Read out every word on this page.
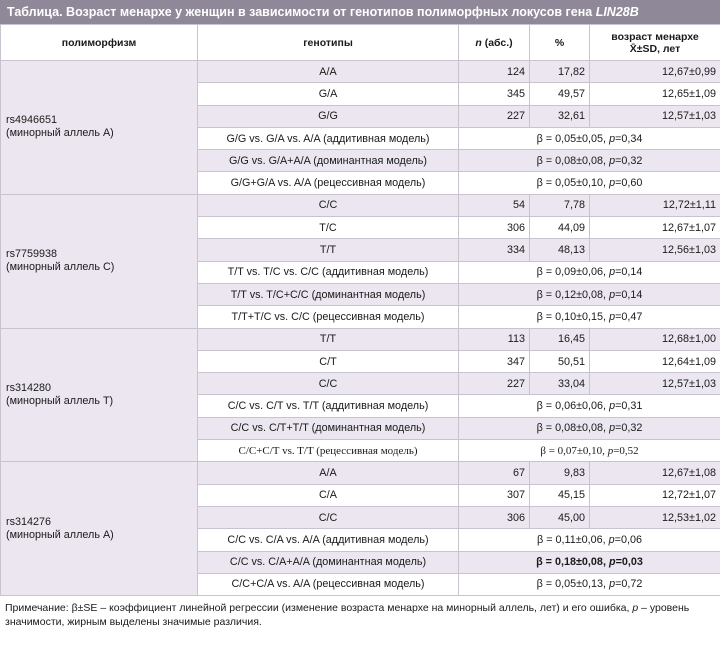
Таблица. Возраст менархе у женщин в зависимости от генотипов полиморфных локусов гена LIN28B
полиморфизм	генотипы	n (абс.)	%	возраст менархе
X̄±SD, лет

rs4946651
(минорный аллель А)	А/А	124	17,82	12,67±0,99
	G/A	345	49,57	12,65±1,09
	G/G	227	32,61	12,57±1,03
	G/G vs. G/A vs. A/A (аддитивная модель)	β = 0,05±0,05, p=0,34		
	G/G vs. G/A+A/A (доминантная модель)	β = 0,08±0,08, p=0,32		
	G/G+G/A vs. A/A (рецессивная модель)	β = 0,05±0,10, p=0,60		

rs7759938
(минорный аллель С)	C/C	54	7,78	12,72±1,11
	T/C	306	44,09	12,67±1,07
	T/T	334	48,13	12,56±1,03
	T/T vs. T/C vs. C/C (аддитивная модель)	β = 0,09±0,06, p=0,14		
	T/T vs. T/C+C/C (доминантная модель)	β = 0,12±0,08, p=0,14		
	T/T+T/C vs. C/C (рецессивная модель)	β = 0,10±0,15, p=0,47		

rs314280
(минорный аллель Т)	T/T	113	16,45	12,68±1,00
	C/T	347	50,51	12,64±1,09
	C/C	227	33,04	12,57±1,03
	C/C vs. C/T vs. T/T (аддитивная модель)	β = 0,06±0,06, p=0,31		
	C/C vs. C/T+T/T (доминантная модель)	β = 0,08±0,08, p=0,32		
	C/C+C/T vs. T/T (рецессивная модель)	β = 0,07±0,10, p=0,52		

rs314276
(минорный аллель А)	A/A	67	9,83	12,67±1,08
	C/A	307	45,15	12,72±1,07
	C/C	306	45,00	12,53±1,02
	C/C vs. C/A vs. A/A (аддитивная модель)	β = 0,11±0,06, p=0,06		
	C/C vs. C/A+A/A (доминантная модель)	β = 0,18±0,08, p=0,03		
	C/C+C/A vs. A/A (рецессивная модель)	β = 0,05±0,13, p=0,72		
Примечание: β±SE – коэффициент линейной регрессии (изменение возраста менархе на минорный аллель, лет) и его ошибка, p – уровень значимости, жирным выделены значимые различия.
